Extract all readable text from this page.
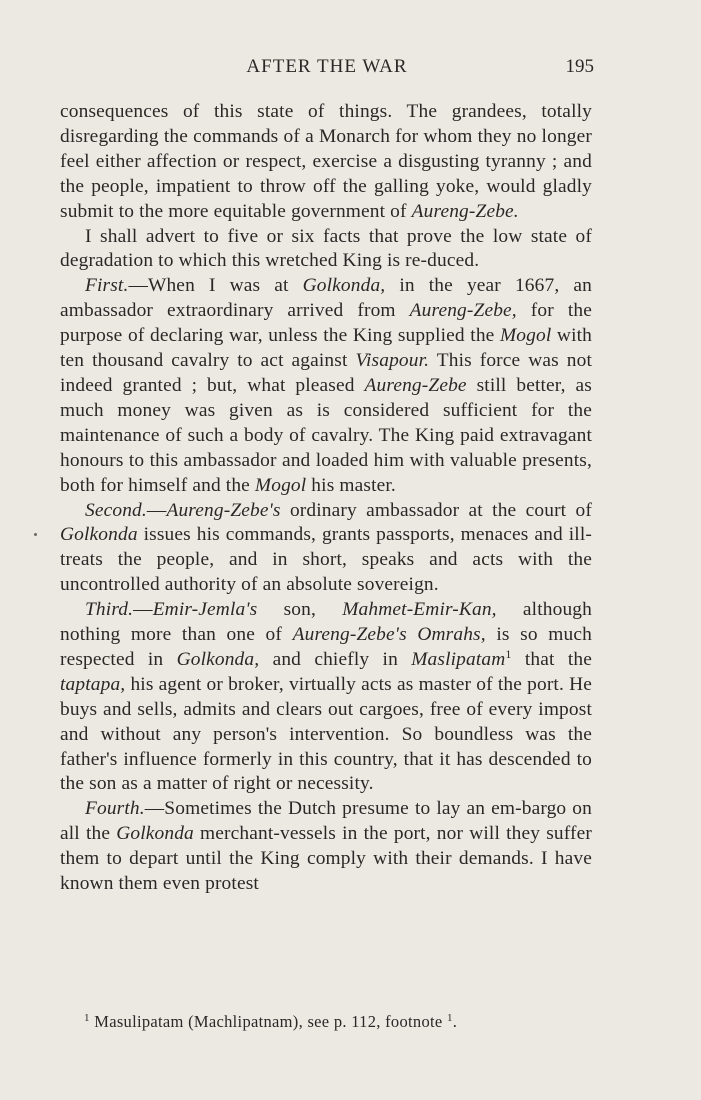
AFTER THE WAR	195

consequences of this state of things. The grandees, totally disregarding the commands of a Monarch for whom they no longer feel either affection or respect, exercise a disgusting tyranny ; and the people, impatient to throw off the galling yoke, would gladly submit to the more equitable government of Aureng-Zebe.

I shall advert to five or six facts that prove the low state of degradation to which this wretched King is re-duced.

First.—When I was at Golkonda, in the year 1667, an ambassador extraordinary arrived from Aureng-Zebe, for the purpose of declaring war, unless the King supplied the Mogol with ten thousand cavalry to act against Visapour. This force was not indeed granted ; but, what pleased Aureng-Zebe still better, as much money was given as is considered sufficient for the maintenance of such a body of cavalry. The King paid extravagant honours to this ambassador and loaded him with valuable presents, both for himself and the Mogol his master.

Second.—Aureng-Zebe's ordinary ambassador at the court of Golkonda issues his commands, grants passports, menaces and ill-treats the people, and in short, speaks and acts with the uncontrolled authority of an absolute sovereign.

Third.—Emir-Jemla's son, Mahmet-Emir-Kan, although nothing more than one of Aureng-Zebe's Omrahs, is so much respected in Golkonda, and chiefly in Maslipatam$^1$ that the taptapa, his agent or broker, virtually acts as master of the port. He buys and sells, admits and clears out cargoes, free of every impost and without any person's intervention. So boundless was the father's influence formerly in this country, that it has descended to the son as a matter of right or necessity.

Fourth.—Sometimes the Dutch presume to lay an em-bargo on all the Golkonda merchant-vessels in the port, nor will they suffer them to depart until the King comply with their demands. I have known them even protest

$^1$ Masulipatam (Machlipatnam), see p. 112, footnote $^1$.
